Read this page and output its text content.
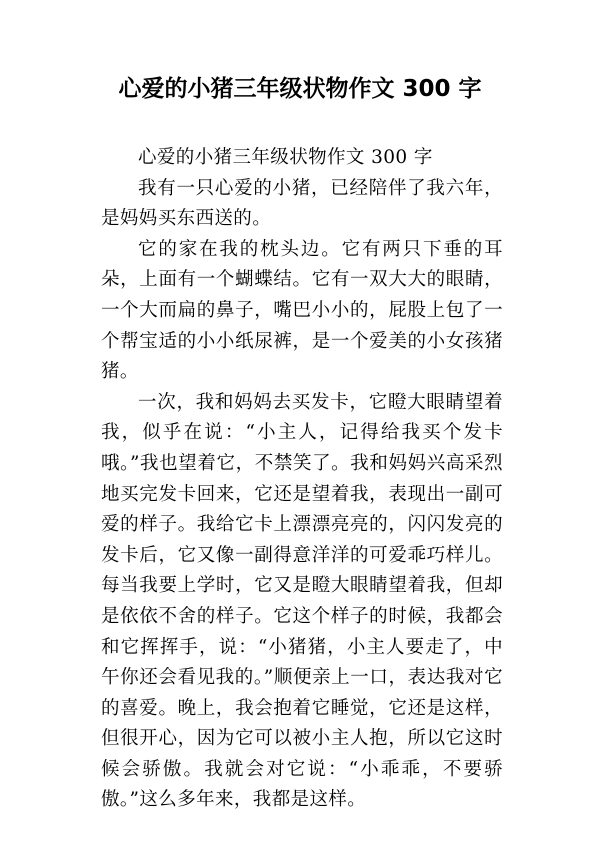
心爱的小猪三年级状物作文 300 字

心爱的小猪三年级状物作文 300 字

我有一只心爱的小猪，已经陪伴了我六年，是妈妈买东西送的。

它的家在我的枕头边。它有两只下垂的耳朵，上面有一个蝴蝶结。它有一双大大的眼睛，一个大而扁的鼻子，嘴巴小小的，屁股上包了一个帮宝适的小小纸尿裤，是一个爱美的小女孩猪猪。

一次，我和妈妈去买发卡，它瞪大眼睛望着我，似乎在说：“小主人，记得给我买个发卡哦。”我也望着它，不禁笑了。我和妈妈兴高采烈地买完发卡回来，它还是望着我，表现出一副可爱的样子。我给它卡上漂漂亮亮的，闪闪发亮的发卡后，它又像一副得意洋洋的可爱乖巧样儿。每当我要上学时，它又是瞪大眼睛望着我，但却是依依不舍的样子。它这个样子的时候，我都会和它挥挥手，说：“小猪猪，小主人要走了，中午你还会看见我的。”顺便亲上一口，表达我对它的喜爱。晚上，我会抱着它睡觉，它还是这样，但很开心，因为它可以被小主人抱，所以它这时候会骄傲。我就会对它说：“小乖乖，不要骄傲。”这么多年来，我都是这样。
